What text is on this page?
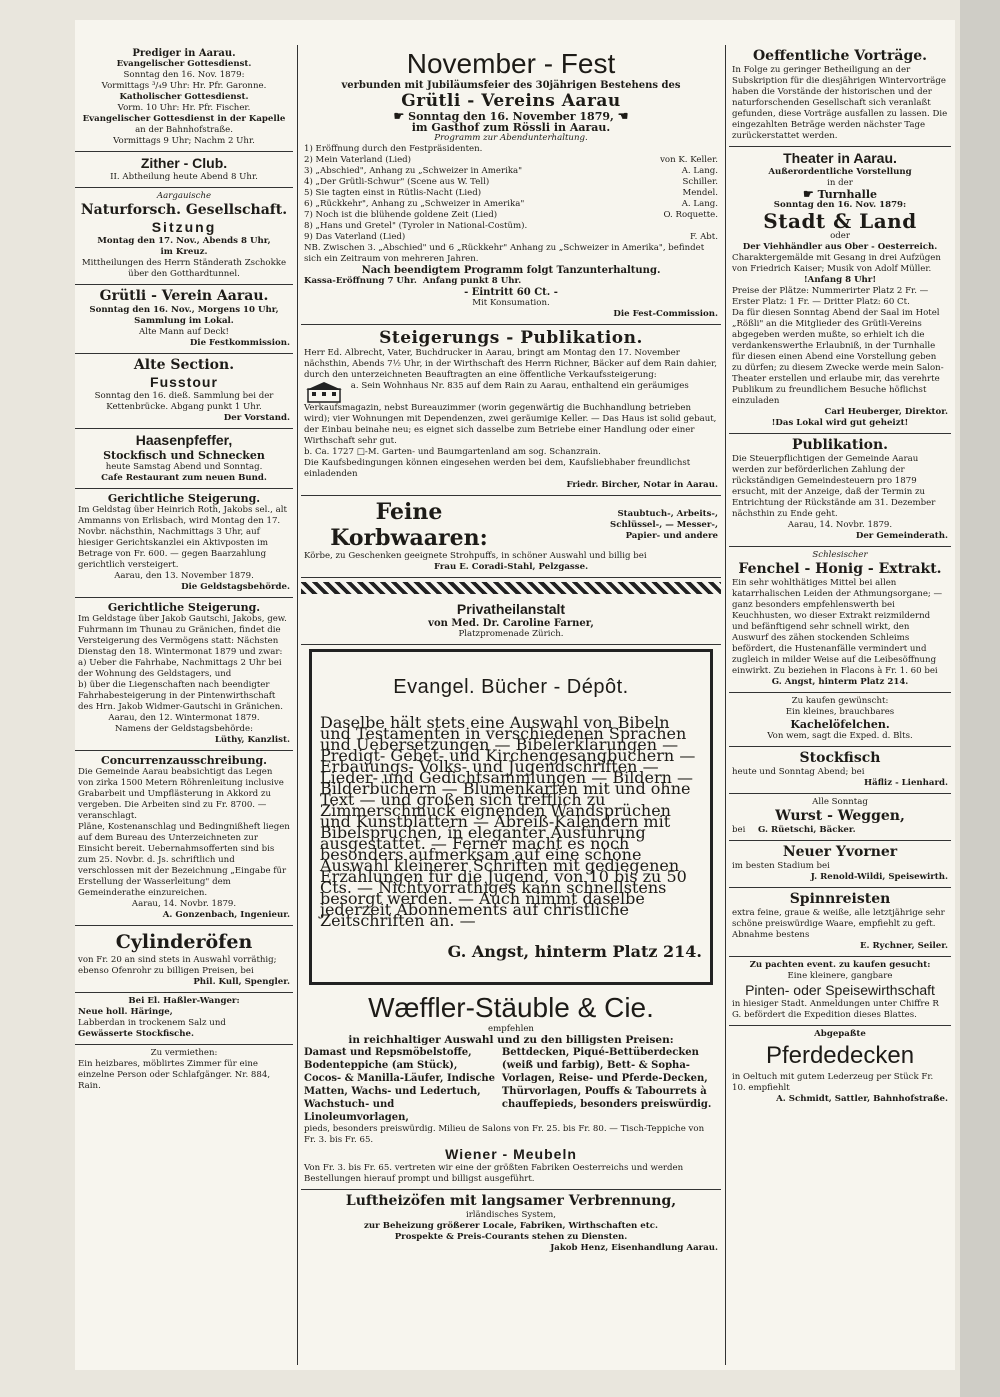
Prediger in Aarau.

Evangelischer Gottesdienst.

Sonntag den 16. Nov. 1879:

Vormittags ³/₄9 Uhr: Hr. Pfr. Garonne.

Katholischer Gottesdienst.

Vorm. 10 Uhr: Hr. Pfr. Fischer.

Evangelischer Gottesdienst in der Kapelle

an der Bahnhofstraße.

Vormittags 9 Uhr; Nachm 2 Uhr.

Zither - Club.

II. Abtheilung heute Abend 8 Uhr.

Aargauische

Naturforsch. Gesellschaft.

Sitzung

Montag den 17. Nov., Abends 8 Uhr,

im Kreuz.

Mittheilungen des Herrn Ständerath Zschokke über den Gotthardtunnel.

Grütli - Verein Aarau.

Sonntag den 16. Nov., Morgens 10 Uhr,

Sammlung im Lokal.

Alte Mann auf Deck!

Die Festkommission.

Alte Section.

Fusstour

Sonntag den 16. dieß. Sammlung bei der Kettenbrücke. Abgang punkt 1 Uhr.

Der Vorstand.

Haasenpfeffer,

Stockfisch und Schnecken

heute Samstag Abend und Sonntag.

Cafe Restaurant zum neuen Bund.

Gerichtliche Steigerung.

Im Geldstag über Heinrich Roth, Jakobs sel., alt Ammanns von Erlisbach, wird Montag den 17. Novbr. nächsthin, Nachmittags 3 Uhr, auf hiesiger Gerichtskanzlei ein Aktivposten im Betrage von Fr. 600. — gegen Baarzahlung gerichtlich versteigert.

Aarau, den 13. November 1879.

Die Geldstagsbehörde.

Gerichtliche Steigerung.

Im Geldstage über Jakob Gautschi, Jakobs, gew. Fuhrmann im Thunau zu Gränichen, findet die Versteigerung des Vermögens statt: Nächsten Dienstag den 18. Wintermonat 1879 und zwar:

a) Ueber die Fahrhabe, Nachmittags 2 Uhr bei der Wohnung des Geldstagers, und

b) über die Liegenschaften nach beendigter Fahrhabesteigerung in der Pintenwirthschaft des Hrn. Jakob Widmer-Gautschi in Gränichen.

Aarau, den 12. Wintermonat 1879.

Namens der Geldstagsbehörde:

Lüthy, Kanzlist.

Concurrenzausschreibung.

Die Gemeinde Aarau beabsichtigt das Legen von zirka 1500 Metern Röhrenleitung inclusive Grabarbeit und Umpflästerung in Akkord zu vergeben. Die Arbeiten sind zu Fr. 8700. — veranschlagt.

Pläne, Kostenanschlag und Bedingnißheft liegen auf dem Bureau des Unterzeichneten zur Einsicht bereit. Uebernahmsofferten sind bis zum 25. Novbr. d. Js. schriftlich und verschlossen mit der Bezeichnung „Eingabe für Erstellung der Wasserleitung" dem Gemeinderathe einzureichen.

Aarau, 14. Novbr. 1879.

A. Gonzenbach, Ingenieur.

Cylinderöfen

von Fr. 20 an sind stets in Auswahl vorräthig; ebenso Ofenrohr zu billigen Preisen, bei

Phil. Kull, Spengler.

Bei El. Haßler-Wanger:

Neue holl. Häringe,

Labberdan in trockenem Salz und

Gewässerte Stockfische.

Zu vermiethen:

Ein heizbares, möblirtes Zimmer für eine einzelne Person oder Schlafgänger. Nr. 884, Rain.

November - Fest

verbunden mit Jubiläumsfeier des 30jährigen Bestehens des

Grütli - Vereins Aarau

☛ Sonntag den 16. November 1879, ☚

im Gasthof zum Rössli in Aarau.

Programm zur Abendunterhaltung.

1) Eröffnung durch den Festpräsidenten.
2) Mein Vaterland (Lied)	von K. Keller.
3) „Abschied", Anhang zu „Schweizer in Amerika"	A. Lang.
4) „Der Grütli-Schwur" (Scene aus W. Tell)	Schiller.
5) Sie tagten einst in Rütlis-Nacht (Lied)	Mendel.
6) „Rückkehr", Anhang zu „Schweizer in Amerika"	A. Lang.
7) Noch ist die blühende goldene Zeit (Lied)	O. Roquette.
8) „Hans und Gretel" (Tyroler in National-Costüm).
9) Das Vaterland (Lied)	F. Abt.

NB. Zwischen 3. „Abschied" und 6 „Rückkehr" Anhang zu „Schweizer in Amerika", befindet sich ein Zeitraum von mehreren Jahren.

Nach beendigtem Programm folgt Tanzunterhaltung.

Kassa-Eröffnung 7 Uhr. Anfang punkt 8 Uhr.

- Eintritt 60 Ct. -

Mit Konsumation.

Die Fest-Commission.

Steigerungs - Publikation.

Herr Ed. Albrecht, Vater, Buchdrucker in Aarau, bringt am Montag den 17. November nächsthin, Abends 7½ Uhr, in der Wirthschaft des Herrn Richner, Bäcker auf dem Rain dahier, durch den unterzeichneten Beauftragten an eine öffentliche Verkaufssteigerung:

a. Sein Wohnhaus Nr. 835 auf dem Rain zu Aarau, enthaltend ein geräumiges Verkaufsmagazin, nebst Bureauzimmer (worin gegenwärtig die Buchhandlung betrieben wird); vier Wohnungen mit Dependenzen, zwei geräumige Keller. — Das Haus ist solid gebaut, der Einbau beinahe neu; es eignet sich dasselbe zum Betriebe einer Handlung oder einer Wirthschaft sehr gut.

b. Ca. 1727 □-M. Garten- und Baumgartenland am sog. Schanzrain.

Die Kaufsbedingungen können eingesehen werden bei dem, Kaufsliebhaber freundlichst einladenden

Friedr. Bircher, Notar in Aarau.

Feine Korbwaaren:

Staubtuch-, Arbeits-,

Schlüssel-, — Messer-,

Papier- und andere

Körbe, zu Geschenken geeignete Strohpuffs, in schöner Auswahl und billig bei

Frau E. Coradi-Stahl, Pelzgasse.

Privatheilanstalt

von Med. Dr. Caroline Farner,

Platzpromenade Zürich.

Evangel. Bücher - Dépôt.

Daselbe hält stets eine Auswahl von Bibeln und Testamenten in verschiedenen Sprachen und Uebersetzungen — Bibelerklärungen — Predigt- Gebet- und Kirchengesangbüchern — Erbauungs- Volks- und Jugendschriften — Lieder- und Gedichtsammlungen — Bildern — Bilderbüchern — Blumenkarten mit und ohne Text — und großen sich trefflich zu Zimmerschmuck eignenden Wandsprüchen und Kunstblättern — Abreiß-Kalendern mit Bibelsprüchen, in eleganter Ausführung ausgestattet. — Ferner macht es noch besonders aufmerksam auf eine schöne Auswahl kleinerer Schriften mit gediegenen Erzählungen für die Jugend, von 10 bis zu 50 Cts. — Nichtvorräthiges kann schnellstens besorgt werden. — Auch nimmt daselbe jederzeit Abonnements auf christliche Zeitschriften an. —

G. Angst, hinterm Platz 214.

Wæffler-Stäuble & Cie.

empfehlen

in reichhaltiger Auswahl und zu den billigsten Preisen:

Damast und Repsmöbelstoffe, Bodenteppiche (am Stück), Cocos- & Manilla-Läufer, Indische Matten, Wachs- und Ledertuch, Wachstuch- und Linoleumvorlagen,

Bettdecken, Piqué-Bettüberdecken (weiß und farbig), Bett- & Sopha-Vorlagen, Reise- und Pferde-Decken, Thürvorlagen, Pouffs & Tabourrets à chauffepieds, besonders preiswürdig.

pieds, besonders preiswürdig. Milieu de Salons von Fr. 25. bis Fr. 80. — Tisch-Teppiche von Fr. 3. bis Fr. 65.

Wiener - Meubeln

Von Fr. 3. bis Fr. 65. vertreten wir eine der größten Fabriken Oesterreichs und werden Bestellungen hierauf prompt und billigst ausgeführt.

Luftheizöfen mit langsamer Verbrennung,

irländisches System,

zur Beheizung größerer Locale, Fabriken, Wirthschaften etc.

Prospekte & Preis-Courants stehen zu Diensten.

Jakob Henz, Eisenhandlung Aarau.

Oeffentliche Vorträge.

In Folge zu geringer Betheiligung an der Subskription für die diesjährigen Wintervorträge haben die Vorstände der historischen und der naturforschenden Gesellschaft sich veranlaßt gefunden, diese Vorträge ausfallen zu lassen. Die eingezahlten Beträge werden nächster Tage zurückerstattet werden.

Theater in Aarau.

Außerordentliche Vorstellung

in der

☛ Turnhalle

Sonntag den 16. Nov. 1879:

Stadt & Land

oder

Der Viehhändler aus Ober - Oesterreich.

Charaktergemälde mit Gesang in drei Aufzügen von Friedrich Kaiser; Musik von Adolf Müller.

!Anfang 8 Uhr!

Preise der Plätze: Nummerirter Platz 2 Fr. — Erster Platz: 1 Fr. — Dritter Platz: 60 Ct.

Da für diesen Sonntag Abend der Saal im Hotel „Rößli" an die Mitglieder des Grütli-Vereins abgegeben werden mußte, so erhielt ich die verdankenswerthe Erlaubniß, in der Turnhalle für diesen einen Abend eine Vorstellung geben zu dürfen; zu diesem Zwecke werde mein Salon-Theater erstellen und erlaube mir, das verehrte Publikum zu freundlichem Besuche höflichst einzuladen

Carl Heuberger, Direktor.

!Das Lokal wird gut geheizt!

Publikation.

Die Steuerpflichtigen der Gemeinde Aarau werden zur beförderlichen Zahlung der rückständigen Gemeindesteuern pro 1879 ersucht, mit der Anzeige, daß der Termin zu Entrichtung der Rückstände am 31. Dezember nächsthin zu Ende geht.

Aarau, 14. Novbr. 1879.

Der Gemeinderath.

Schlesischer

Fenchel - Honig - Extrakt.

Ein sehr wohlthätiges Mittel bei allen katarrhalischen Leiden der Athmungsorgane; — ganz besonders empfehlenswerth bei Keuchhusten, wo dieser Extrakt reizmildernd und befänftigend sehr schnell wirkt, den Auswurf des zähen stockenden Schleims befördert, die Hustenanfälle vermindert und zugleich in milder Weise auf die Leibesöffnung einwirkt. Zu beziehen in Flacons à Fr. 1. 60 bei

G. Angst, hinterm Platz 214.

Zu kaufen gewünscht:

Ein kleines, brauchbares

Kachelöfelchen.

Von wem, sagt die Exped. d. Blts.

Stockfisch

heute und Sonntag Abend; bei

Häfliz - Lienhard.

Alle Sonntag

Wurst - Weggen,

bei	G. Rüetschi, Bäcker.

Neuer Yvorner

im besten Stadium bei

J. Renold-Wildi, Speisewirth.

Spinnreisten

extra feine, graue & weiße, alle letztjährige sehr schöne preiswürdige Waare, empfiehlt zu geft. Abnahme bestens

E. Rychner, Seiler.

Zu pachten event. zu kaufen gesucht:

Eine kleinere, gangbare

Pinten- oder Speisewirthschaft

in hiesiger Stadt. Anmeldungen unter Chiffre R G. befördert die Expedition dieses Blattes.

Abgepaßte

Pferdedecken

in Oeltuch mit gutem Lederzeug per Stück Fr. 10. empfiehlt

A. Schmidt, Sattler, Bahnhofstraße.
